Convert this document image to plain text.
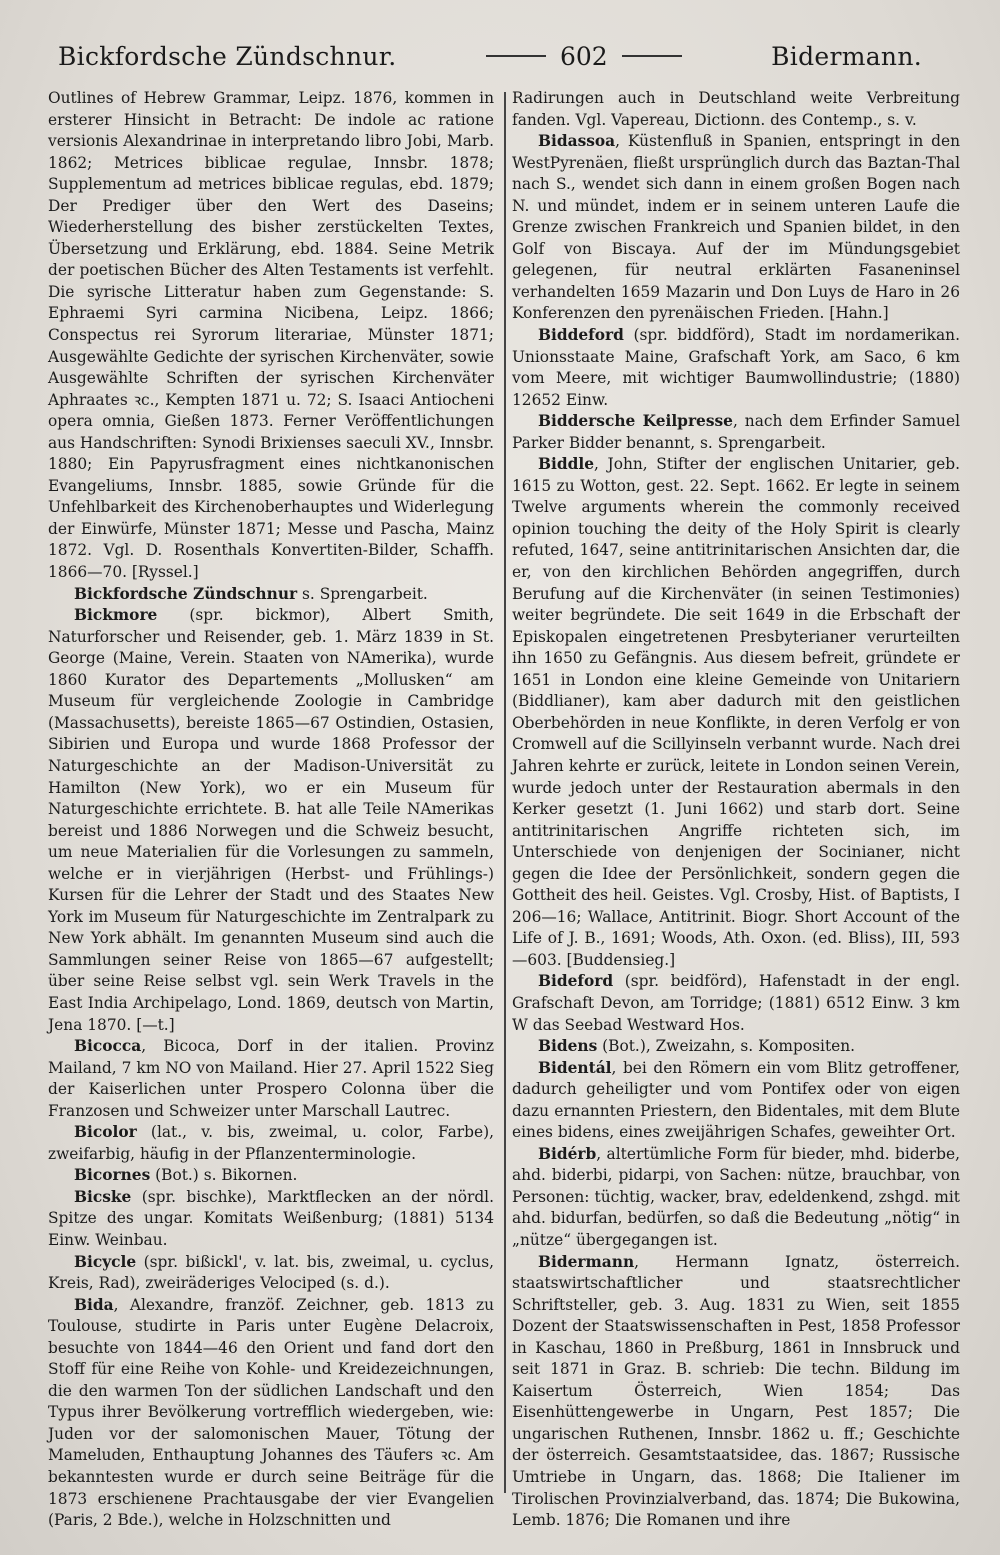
Bickfordsche Zündschnur.	602	Bidermann.

Outlines of Hebrew Grammar, Leipz. 1876, kommen in ersterer Hinsicht in Betracht: De indole ac ratione versionis Alexandrinae in interpretando libro Jobi, Marb. 1862; Metrices biblicae regulae, Innsbr. 1878; Supplementum ad metrices biblicae regulas, ebd. 1879; Der Prediger über den Wert des Daseins; Wiederherstellung des bisher zerstückelten Textes, Übersetzung und Erklärung, ebd. 1884. Seine Metrik der poetischen Bücher des Alten Testaments ist verfehlt. Die syrische Litteratur haben zum Gegenstande: S. Ephraemi Syri carmina Nicibena, Leipz. 1866; Conspectus rei Syrorum literariae, Münster 1871; Ausgewählte Gedichte der syrischen Kirchenväter, sowie Ausgewählte Schriften der syrischen Kirchenväter Aphraates ꝛc., Kempten 1871 u. 72; S. Isaaci Antiocheni opera omnia, Gießen 1873. Ferner Veröffentlichungen aus Handschriften: Synodi Brixienses saeculi XV., Innsbr. 1880; Ein Papyrusfragment eines nichtkanonischen Evangeliums, Innsbr. 1885, sowie Gründe für die Unfehlbarkeit des Kirchenoberhauptes und Widerlegung der Einwürfe, Münster 1871; Messe und Pascha, Mainz 1872. Vgl. D. Rosenthals Konvertiten-Bilder, Schaffh. 1866—70. [Ryssel.]

Bickfordsche Zündschnur s. Sprengarbeit.

Bickmore (spr. bickmor), Albert Smith, Naturforscher und Reisender, geb. 1. März 1839 in St. George (Maine, Verein. Staaten von NAmerika), wurde 1860 Kurator des Departements „Mollusken“ am Museum für vergleichende Zoologie in Cambridge (Massachusetts), bereiste 1865—67 Ostindien, Ostasien, Sibirien und Europa und wurde 1868 Professor der Naturgeschichte an der Madison-Universität zu Hamilton (New York), wo er ein Museum für Naturgeschichte errichtete. B. hat alle Teile NAmerikas bereist und 1886 Norwegen und die Schweiz besucht, um neue Materialien für die Vorlesungen zu sammeln, welche er in vierjährigen (Herbst- und Frühlings-) Kursen für die Lehrer der Stadt und des Staates New York im Museum für Naturgeschichte im Zentralpark zu New York abhält. Im genannten Museum sind auch die Sammlungen seiner Reise von 1865—67 aufgestellt; über seine Reise selbst vgl. sein Werk Travels in the East India Archipelago, Lond. 1869, deutsch von Martin, Jena 1870. [—t.]

Bicocca, Bicoca, Dorf in der italien. Provinz Mailand, 7 km NO von Mailand. Hier 27. April 1522 Sieg der Kaiserlichen unter Prospero Colonna über die Franzosen und Schweizer unter Marschall Lautrec.

Bicolor (lat., v. bis, zweimal, u. color, Farbe), zweifarbig, häufig in der Pflanzenterminologie.

Bicornes (Bot.) s. Bikornen.

Bicske (spr. bischke), Marktflecken an der nördl. Spitze des ungar. Komitats Weißenburg; (1881) 5134 Einw. Weinbau.

Bicycle (spr. bißickl', v. lat. bis, zweimal, u. cyclus, Kreis, Rad), zweiräderiges Velociped (s. d.).

Bida, Alexandre, franzöf. Zeichner, geb. 1813 zu Toulouse, studirte in Paris unter Eugène Delacroix, besuchte von 1844—46 den Orient und fand dort den Stoff für eine Reihe von Kohle- und Kreidezeichnungen, die den warmen Ton der südlichen Landschaft und den Typus ihrer Bevölkerung vortrefflich wiedergeben, wie: Juden vor der salomonischen Mauer, Tötung der Mameluden, Enthauptung Johannes des Täufers ꝛc. Am bekanntesten wurde er durch seine Beiträge für die 1873 erschienene Prachtausgabe der vier Evangelien (Paris, 2 Bde.), welche in Holzschnitten und

Radirungen auch in Deutschland weite Verbreitung fanden. Vgl. Vapereau, Dictionn. des Contemp., s. v.

Bidassoa, Küstenfluß in Spanien, entspringt in den WestPyrenäen, fließt ursprünglich durch das Baztan-Thal nach S., wendet sich dann in einem großen Bogen nach N. und mündet, indem er in seinem unteren Laufe die Grenze zwischen Frankreich und Spanien bildet, in den Golf von Biscaya. Auf der im Mündungsgebiet gelegenen, für neutral erklärten Fasaneninsel verhandelten 1659 Mazarin und Don Luys de Haro in 26 Konferenzen den pyrenäischen Frieden. [Hahn.]

Biddeford (spr. biddförd), Stadt im nordamerikan. Unionsstaate Maine, Grafschaft York, am Saco, 6 km vom Meere, mit wichtiger Baumwollindustrie; (1880) 12652 Einw.

Biddersche Keilpresse, nach dem Erfinder Samuel Parker Bidder benannt, s. Sprengarbeit.

Biddle, John, Stifter der englischen Unitarier, geb. 1615 zu Wotton, gest. 22. Sept. 1662. Er legte in seinem Twelve arguments wherein the commonly received opinion touching the deity of the Holy Spirit is clearly refuted, 1647, seine antitrinitarischen Ansichten dar, die er, von den kirchlichen Behörden angegriffen, durch Berufung auf die Kirchenväter (in seinen Testimonies) weiter begründete. Die seit 1649 in die Erbschaft der Episkopalen eingetretenen Presbyterianer verurteilten ihn 1650 zu Gefängnis. Aus diesem befreit, gründete er 1651 in London eine kleine Gemeinde von Unitariern (Biddlianer), kam aber dadurch mit den geistlichen Oberbehörden in neue Konflikte, in deren Verfolg er von Cromwell auf die Scillyinseln verbannt wurde. Nach drei Jahren kehrte er zurück, leitete in London seinen Verein, wurde jedoch unter der Restauration abermals in den Kerker gesetzt (1. Juni 1662) und starb dort. Seine antitrinitarischen Angriffe richteten sich, im Unterschiede von denjenigen der Socinianer, nicht gegen die Idee der Persönlichkeit, sondern gegen die Gottheit des heil. Geistes. Vgl. Crosby, Hist. of Baptists, I 206—16; Wallace, Antitrinit. Biogr. Short Account of the Life of J. B., 1691; Woods, Ath. Oxon. (ed. Bliss), III, 593—603. [Buddensieg.]

Bideford (spr. beidförd), Hafenstadt in der engl. Grafschaft Devon, am Torridge; (1881) 6512 Einw. 3 km W das Seebad Westward Hos.

Bidens (Bot.), Zweizahn, s. Kompositen.

Bidentál, bei den Römern ein vom Blitz getroffener, dadurch geheiligter und vom Pontifex oder von eigen dazu ernannten Priestern, den Bidentales, mit dem Blute eines bidens, eines zweijährigen Schafes, geweihter Ort.

Bidérb, altertümliche Form für bieder, mhd. biderbe, ahd. biderbi, pidarpi, von Sachen: nütze, brauchbar, von Personen: tüchtig, wacker, brav, edeldenkend, zshgd. mit ahd. bidurfan, bedürfen, so daß die Bedeutung „nötig“ in „nütze“ übergegangen ist.

Bidermann, Hermann Ignatz, österreich. staatswirtschaftlicher und staatsrechtlicher Schriftsteller, geb. 3. Aug. 1831 zu Wien, seit 1855 Dozent der Staatswissenschaften in Pest, 1858 Professor in Kaschau, 1860 in Preßburg, 1861 in Innsbruck und seit 1871 in Graz. B. schrieb: Die techn. Bildung im Kaisertum Österreich, Wien 1854; Das Eisenhüttengewerbe in Ungarn, Pest 1857; Die ungarischen Ruthenen, Innsbr. 1862 u. ff.; Geschichte der österreich. Gesamtstaatsidee, das. 1867; Russische Umtriebe in Ungarn, das. 1868; Die Italiener im Tirolischen Provinzialverband, das. 1874; Die Bukowina, Lemb. 1876; Die Romanen und ihre
